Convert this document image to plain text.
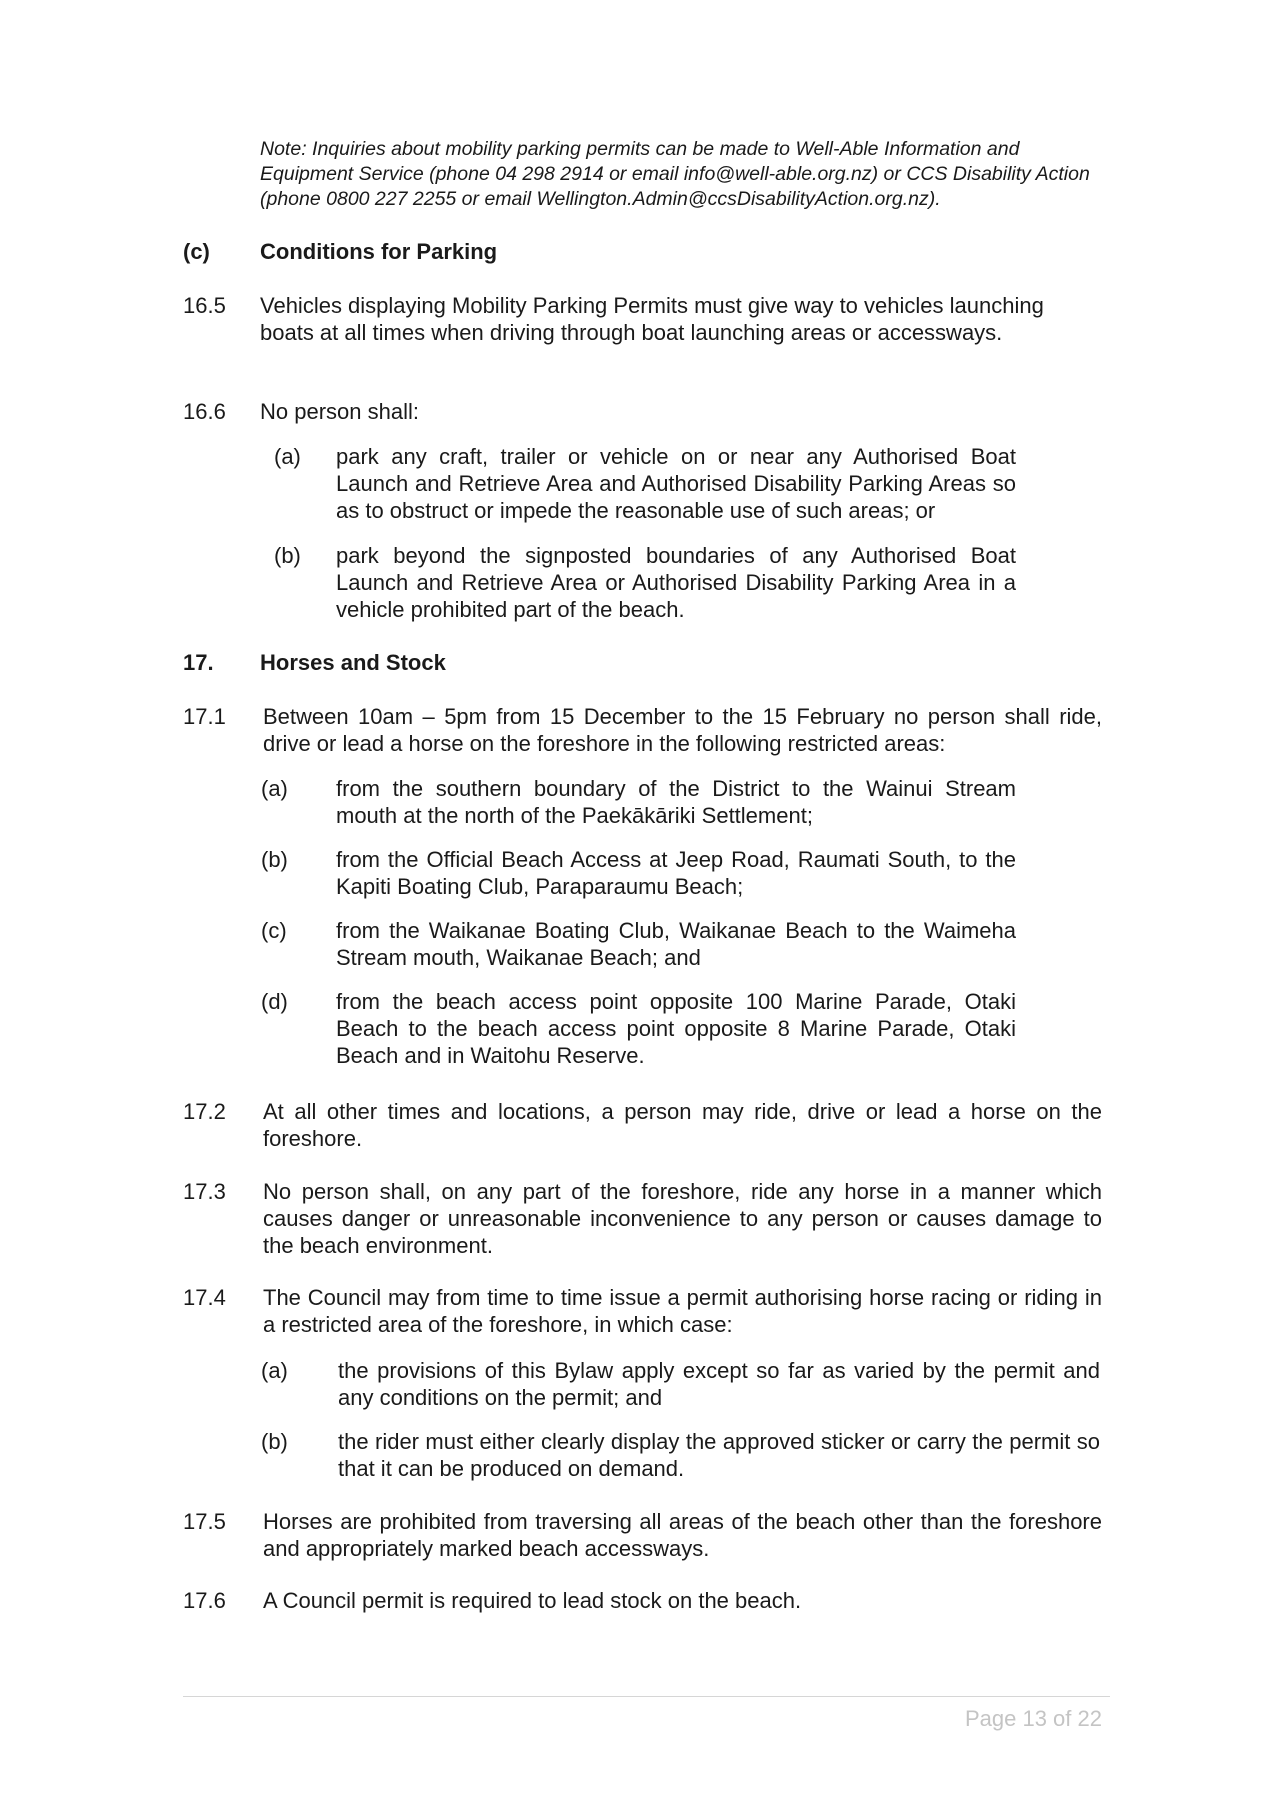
Note: Inquiries about mobility parking permits can be made to Well-Able Information and Equipment Service (phone 04 298 2914 or email info@well-able.org.nz) or CCS Disability Action (phone 0800 227 2255 or email Wellington.Admin@ccsDisabilityAction.org.nz).
(c) Conditions for Parking
16.5 Vehicles displaying Mobility Parking Permits must give way to vehicles launching boats at all times when driving through boat launching areas or accessways.
16.6 No person shall:
(a) park any craft, trailer or vehicle on or near any Authorised Boat Launch and Retrieve Area and Authorised Disability Parking Areas so as to obstruct or impede the reasonable use of such areas; or
(b) park beyond the signposted boundaries of any Authorised Boat Launch and Retrieve Area or Authorised Disability Parking Area in a vehicle prohibited part of the beach.
17. Horses and Stock
17.1 Between 10am – 5pm from 15 December to the 15 February no person shall ride, drive or lead a horse on the foreshore in the following restricted areas:
(a) from the southern boundary of the District to the Wainui Stream mouth at the north of the Paekākāriki Settlement;
(b) from the Official Beach Access at Jeep Road, Raumati South, to the Kapiti Boating Club, Paraparaumu Beach;
(c) from the Waikanae Boating Club, Waikanae Beach to the Waimeha Stream mouth, Waikanae Beach; and
(d) from the beach access point opposite 100 Marine Parade, Otaki Beach to the beach access point opposite 8 Marine Parade, Otaki Beach and in Waitohu Reserve.
17.2 At all other times and locations, a person may ride, drive or lead a horse on the foreshore.
17.3 No person shall, on any part of the foreshore, ride any horse in a manner which causes danger or unreasonable inconvenience to any person or causes damage to the beach environment.
17.4 The Council may from time to time issue a permit authorising horse racing or riding in a restricted area of the foreshore, in which case:
(a) the provisions of this Bylaw apply except so far as varied by the permit and any conditions on the permit; and
(b) the rider must either clearly display the approved sticker or carry the permit so that it can be produced on demand.
17.5 Horses are prohibited from traversing all areas of the beach other than the foreshore and appropriately marked beach accessways.
17.6 A Council permit is required to lead stock on the beach.
Page 13 of 22
